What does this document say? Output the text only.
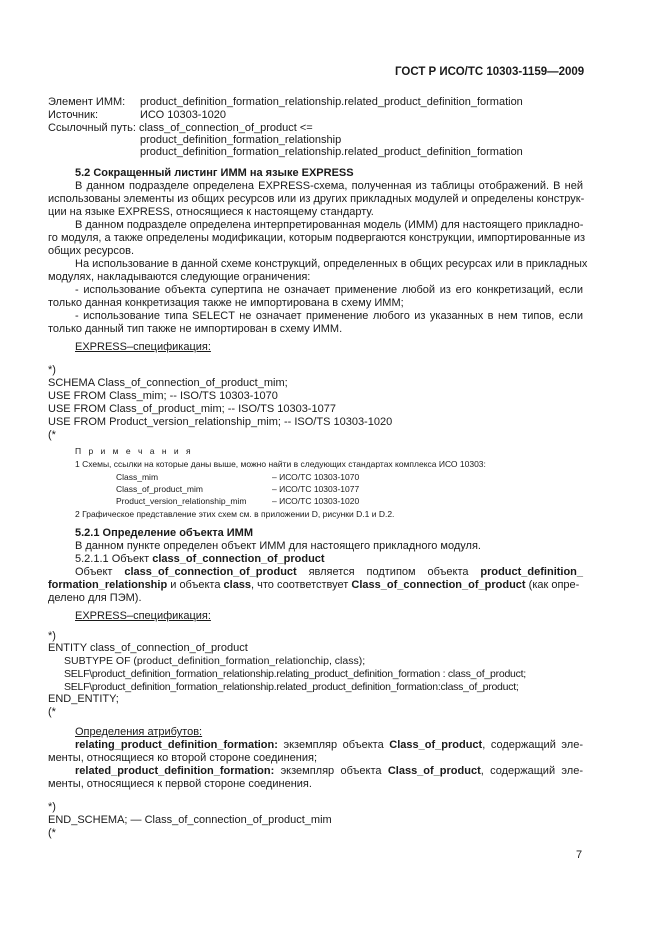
ГОСТ Р ИСО/ТС 10303-1159—2009
Элемент ИММ: product_definition_formation_relationship.related_product_definition_formation
Источник:	ИСО 10303-1020
Ссылочный путь: class_of_connection_of_product <=
product_definition_formation_relationship
product_definition_formation_relationship.related_product_definition_formation
5.2 Сокращенный листинг ИММ на языке EXPRESS
В данном подразделе определена EXPRESS-схема, полученная из таблицы отображений. В ней
использованы элементы из общих ресурсов или из других прикладных модулей и определены конструк-
ции на языке EXPRESS, относящиеся к настоящему стандарту.
В данном подразделе определена интерпретированная модель (ИММ) для настоящего прикладно-
го модуля, а также определены модификации, которым подвергаются конструкции, импортированные из
общих ресурсов.
На использование в данной схеме конструкций, определенных в общих ресурсах или в прикладных
модулях, накладываются следующие ограничения:
- использование объекта супертипа не означает применение любой из его конкретизаций, если
только данная конкретизация также не импортирована в схему ИММ;
- использование типа SELECT не означает применение любого из указанных в нем типов, если
только данный тип также не импортирован в схему ИММ.
EXPRESS–спецификация:
*)
SCHEMA Class_of_connection_of_product_mim;
USE FROM Class_mim; -- ISO/TS 10303-1070
USE FROM Class_of_product_mim; -- ISO/TS 10303-1077
USE FROM Product_version_relationship_mim; -- ISO/TS 10303-1020
(*
П р и м е ч а н и я
1 Схемы, ссылки на которые даны выше, можно найти в следующих стандартах комплекса ИСО 10303:
Class_mim	– ИСО/ТС 10303-1070
Class_of_product_mim	– ИСО/ТС 10303-1077
Product_version_relationship_mim	– ИСО/ТС 10303-1020
2 Графическое представление этих схем см. в приложении D, рисунки D.1 и D.2.
5.2.1 Определение объекта ИММ
В данном пункте определен объект ИММ для настоящего прикладного модуля.
5.2.1.1 Объект class_of_connection_of_product
Объект class_of_connection_of_product является подтипом объекта product_definition_
formation_relationship и объекта class, что соответствует Class_of_connection_of_product (как опре-
делено для ПЭМ).
EXPRESS–спецификация:
*)
ENTITY class_of_connection_of_product
SUBTYPE OF (product_definition_formation_relationchip, class);
SELF\product_definition_formation_relationship.relating_product_definition_formation : class_of_product;
SELF\product_definition_formation_relationship.related_product_definition_formation:class_of_product;
END_ENTITY;
(*
Определения атрибутов:
relating_product_definition_formation: экземпляр объекта Class_of_product, содержащий эле-
менты, относящиеся ко второй стороне соединения;
related_product_definition_formation: экземпляр объекта Class_of_product, содержащий эле-
менты, относящиеся к первой стороне соединения.
*)
END_SCHEMA; — Class_of_connection_of_product_mim
(*
7
